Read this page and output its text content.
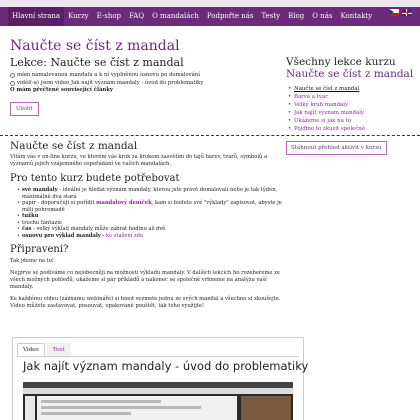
Hlavní strana	Kurzy	E-shop	FAQ	O mandalách	Podpořte nás	Testy	Blog	O nás	Kontakty
Naučte se číst z mandal
Lekce: Naučte se číst z mandal
mám namalovanou mandalu a k ní vyplněnou osnovu po domalování
viděl(-a) jsem video Jak najít význam mandaly - úvod do problematiky
O mám přečtené související články
Uložit
Všechny lekce kurzu
Naučte se číst z mandal
• Naučte se číst z mandal
• Barva a tvar
• Velký kruh mandaly
• Jak najít význam mandaly
• Ukážeme si jak na to
• Pojďme to zkusit společně
Stáhnout přehled aktivit v kurzu
Naučte se číst z mandal

Vítám vás v on-line kurzu, ve kterém vás krok za krokem zasvětím do tajů barev, tvarů, symbolů a významů jejich vzájemného uspořádání ve vašich mandalách.

Pro tento kurz budete potřebovat
• své mandaly - ideální je hledat význam mandaly, kterou jste právě domalovali nebo je tak týden, maximálně dva stará
• papír - doporučuji si pořídit mandalový deníček, kam si budete své "výklady" zapisovat, abyste je měli pohromadě
• tužku
• trochu fantazie
• čas - velký výklad mandaly může zabrat hodinu až dvě
• osnovu pro výklad mandaly - ke stažení zde
Připraveni?

Tak jdeme na to!

Nejprve se podíváme co nejobecněji na možnosti výkladu mandaly. V dalších lekcích ho rozebereme ze všech možných pohledů, ukážeme si pár příkladů a nakonec se společně vrhneme na analýzu vaší mandaly.

Ke každému videu (záznamu webináře) si hned vezmete jednu ze svých mandal a všechno si zkoušejte. Video můžete zastavovat, posouvat, opakovaně pouštět, tak toho využijte!

Video	Text
Jak najít význam mandaly - úvod do problematiky
